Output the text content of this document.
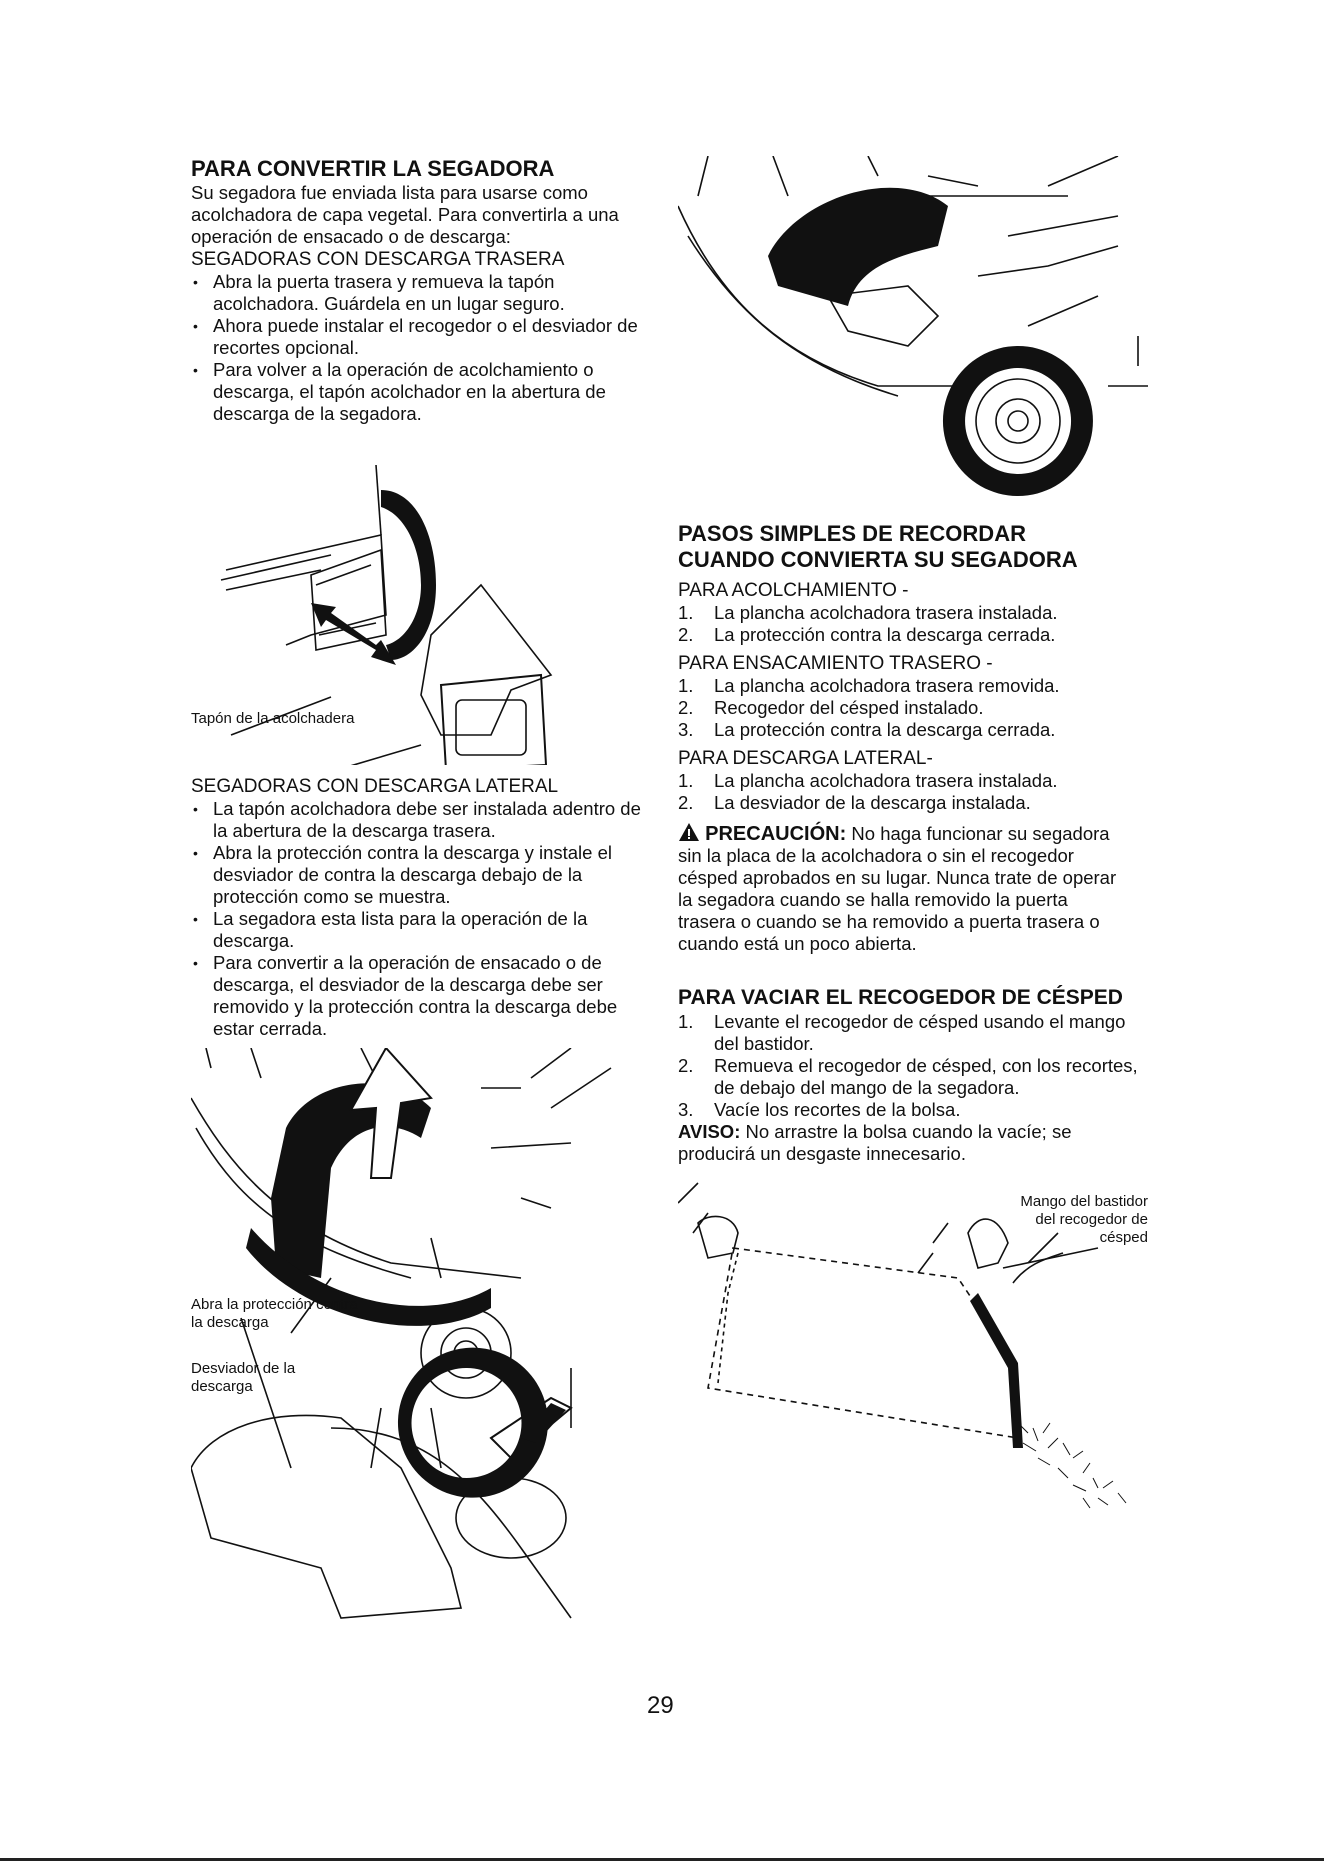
PARA CONVERTIR LA SEGADORA

Su segadora fue enviada lista para usarse como acolchadora de capa vegetal. Para convertirla a una operación de ensacado o de descarga:

SEGADORAS CON DESCARGA TRASERA
• Abra la puerta trasera y remueva la tapón acolchadora. Guárdela en un lugar seguro.
• Ahora puede instalar el recogedor o el desviador de recortes opcional.
• Para volver a la operación de acolchamiento o descarga, el tapón acolchador en la abertura de descarga de la segadora.
Tapón de la acolchadera
SEGADORAS CON DESCARGA LATERAL
• La tapón acolchadora debe ser instalada adentro de la abertura de la descarga trasera.
• Abra la protección contra la descarga y instale el desviador de contra la descarga debajo de la protección como se muestra.
• La segadora esta lista para la operación de la descarga.
• Para convertir a la operación de ensacado o de descarga, el desviador de la descarga debe ser removido y la protección contra la descarga debe estar cerrada.
Abra la protección contra la descarga
Desviador de la descarga
PASOS SIMPLES DE RECORDAR CUANDO CONVIERTA SU SEGADORA
PARA ACOLCHAMIENTO -
1. La plancha acolchadora trasera instalada.
2. La protección contra la descarga cerrada.
PARA ENSACAMIENTO TRASERO -
1. La plancha acolchadora trasera removida.
2. Recogedor del césped instalado.
3. La protección contra la descarga cerrada.
PARA DESCARGA LATERAL-
1. La plancha acolchadora trasera instalada.
2. La desviador de la descarga instalada.

PRECAUCIÓN: No haga funcionar su segadora sin la placa de la acolchadora o sin el recogedor césped aprobados en su lugar. Nunca trate de operar la segadora cuando se halla removido la puerta trasera o cuando se ha removido a puerta trasera o cuando está un poco abierta.

PARA VACIAR EL RECOGEDOR DE CÉSPED
1. Levante el recogedor de césped usando el mango del bastidor.
2. Remueva el recogedor de césped, con los recortes, de debajo del mango de la segadora.
3. Vacíe los recortes de la bolsa.

AVISO: No arrastre la bolsa cuando la vacíe; se producirá un desgaste innecesario.

Mango del bastidor del recogedor de césped
29
